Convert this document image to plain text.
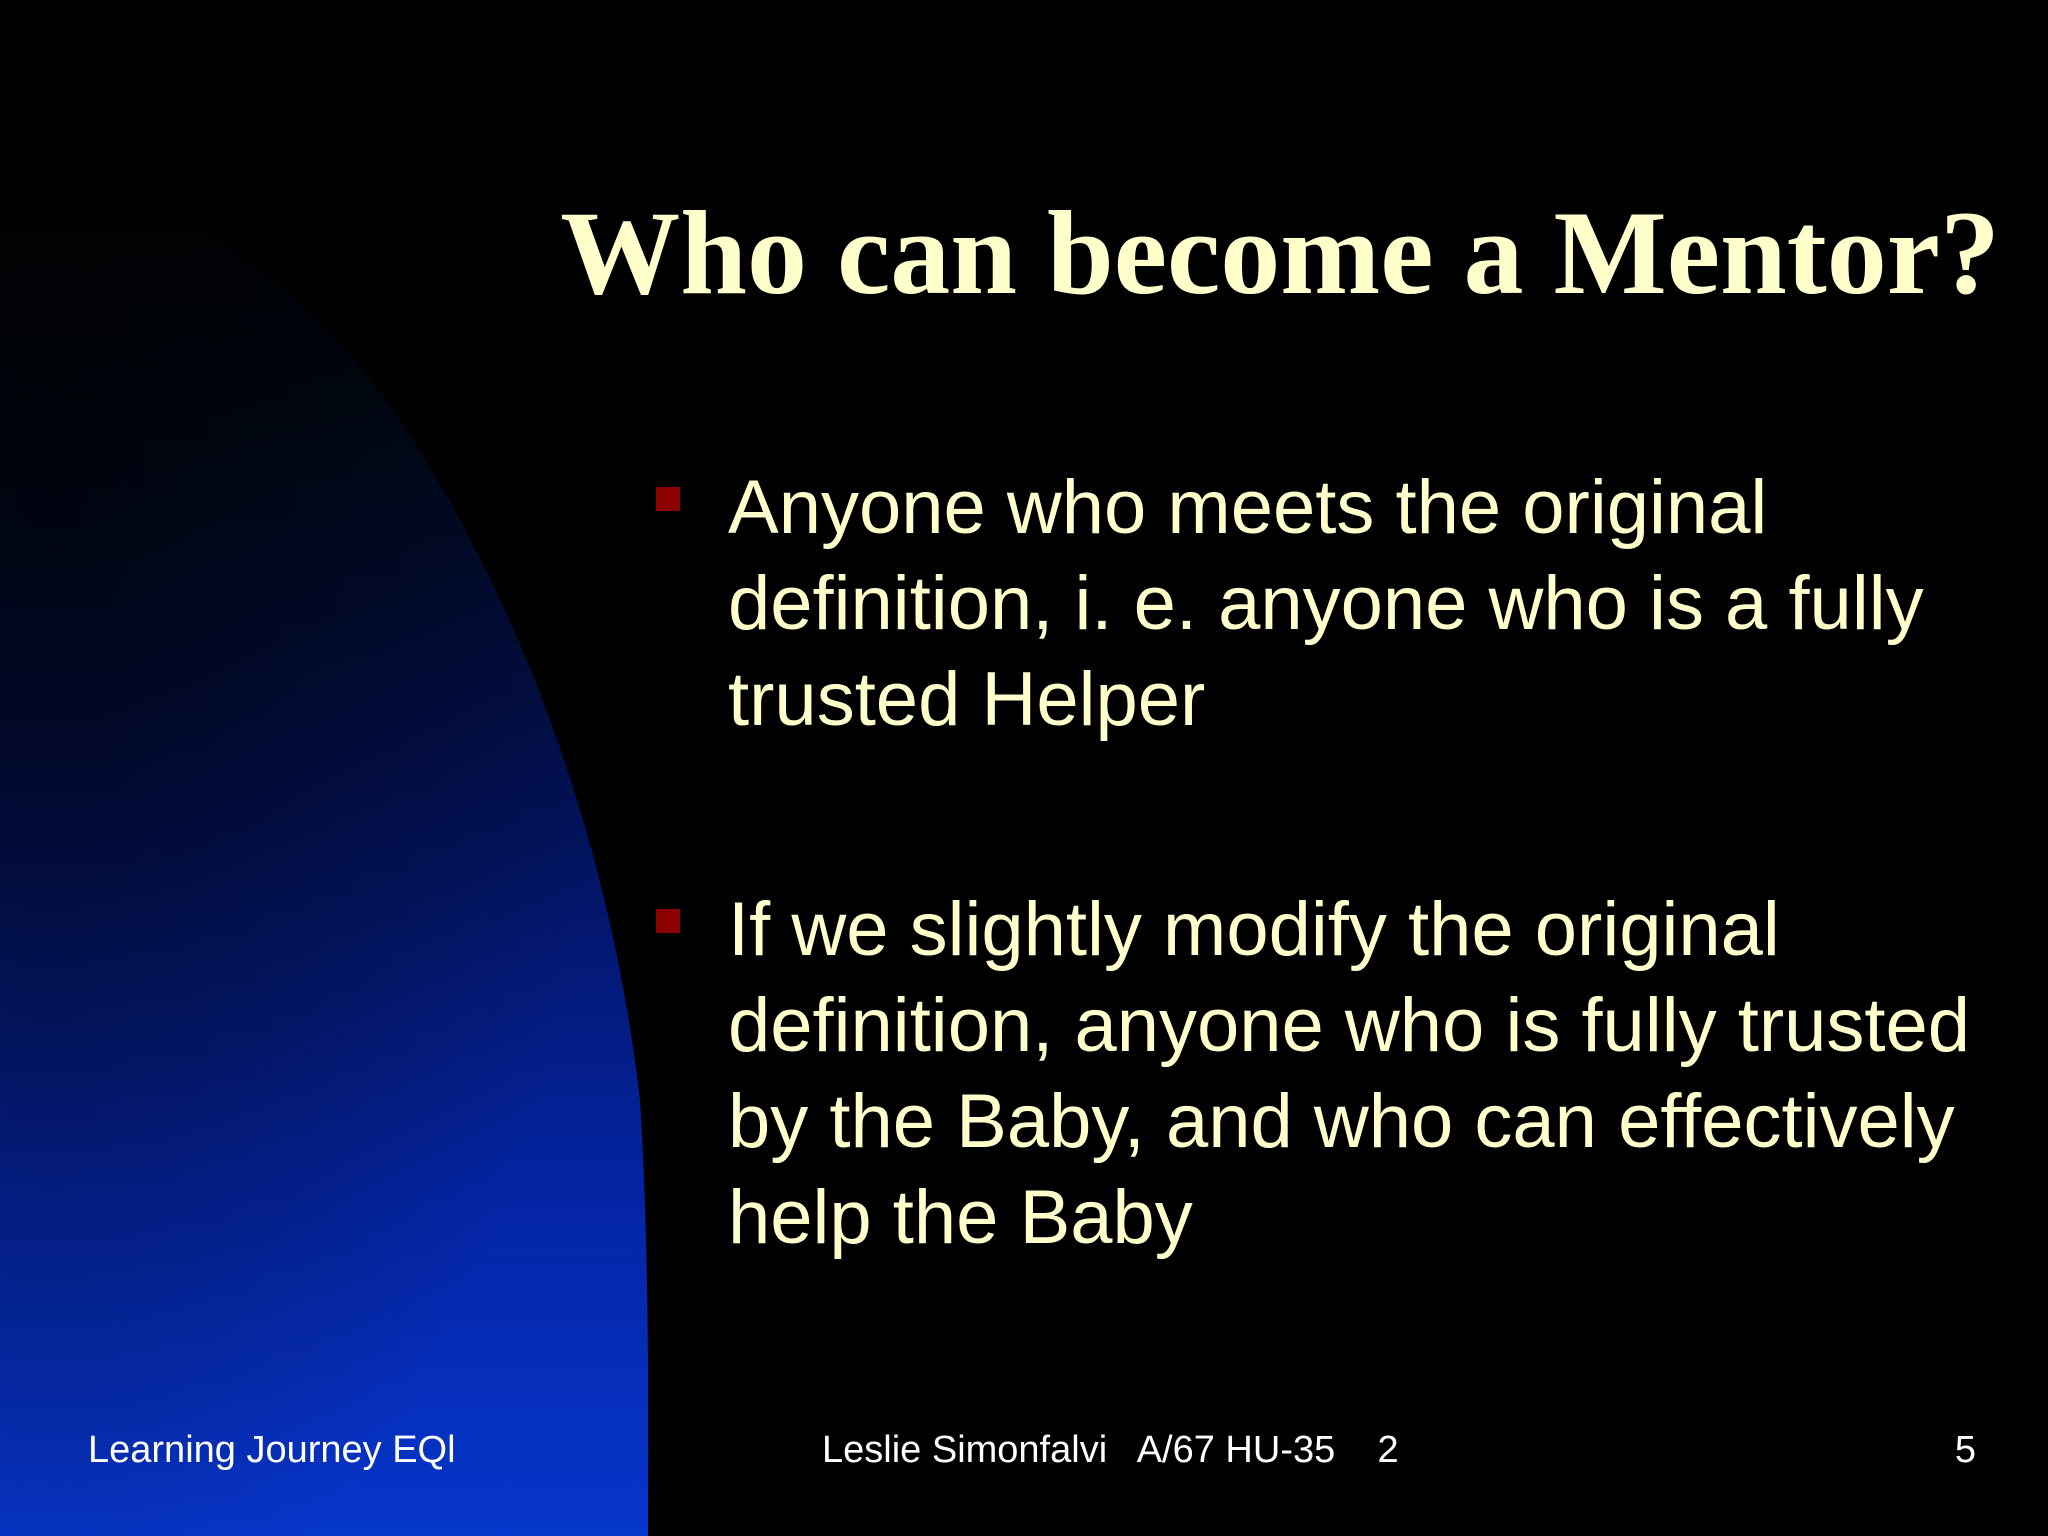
Who can become a Mentor?
Anyone who meets the original definition, i. e. anyone who is a fully trusted Helper
If we slightly modify the original definition, anyone who is fully trusted by the Baby, and who can effectively help the Baby
Learning Journey EQl	Leslie Simonfalvi   A/67 HU-35    2	5
